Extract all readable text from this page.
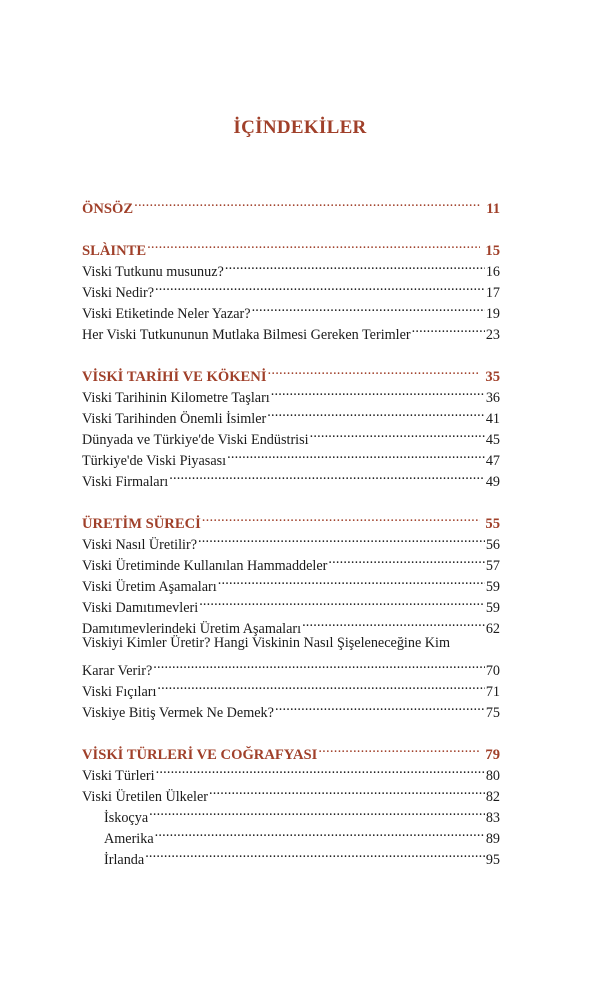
İÇİNDEKİLER
ÖNSÖZ .....	11
SLÀINTE .....	15
Viski Tutkunu musunuz? .....	16
Viski Nedir? .....	17
Viski Etiketinde Neler Yazar? .....	19
Her Viski Tutkununun Mutlaka Bilmesi Gereken Terimler .....	23
VİSKİ TARİHİ VE KÖKENİ .....	35
Viski Tarihinin Kilometre Taşları .....	36
Viski Tarihinden Önemli İsimler .....	41
Dünyada ve Türkiye'de Viski Endüstrisi .....	45
Türkiye'de Viski Piyasası .....	47
Viski Firmaları .....	49
ÜRETİM SÜRECİ .....	55
Viski Nasıl Üretilir? .....	56
Viski Üretiminde Kullanılan Hammaddeler .....	57
Viski Üretim Aşamaları .....	59
Viski Damıtımevleri .....	59
Damıtımevlerindeki Üretim Aşamaları .....	62
Viskiyi Kimler Üretir? Hangi Viskinin Nasıl Şişeleneceğine Kim
Karar Verir? .....	70
Viski Fıçıları .....	71
Viskiye Bitiş Vermek Ne Demek? .....	75
VİSKİ TÜRLERİ VE COĞRAFYASI .....	79
Viski Türleri .....	80
Viski Üretilen Ülkeler .....	82
İskoçya .....	83
Amerika .....	89
İrlanda .....	95
